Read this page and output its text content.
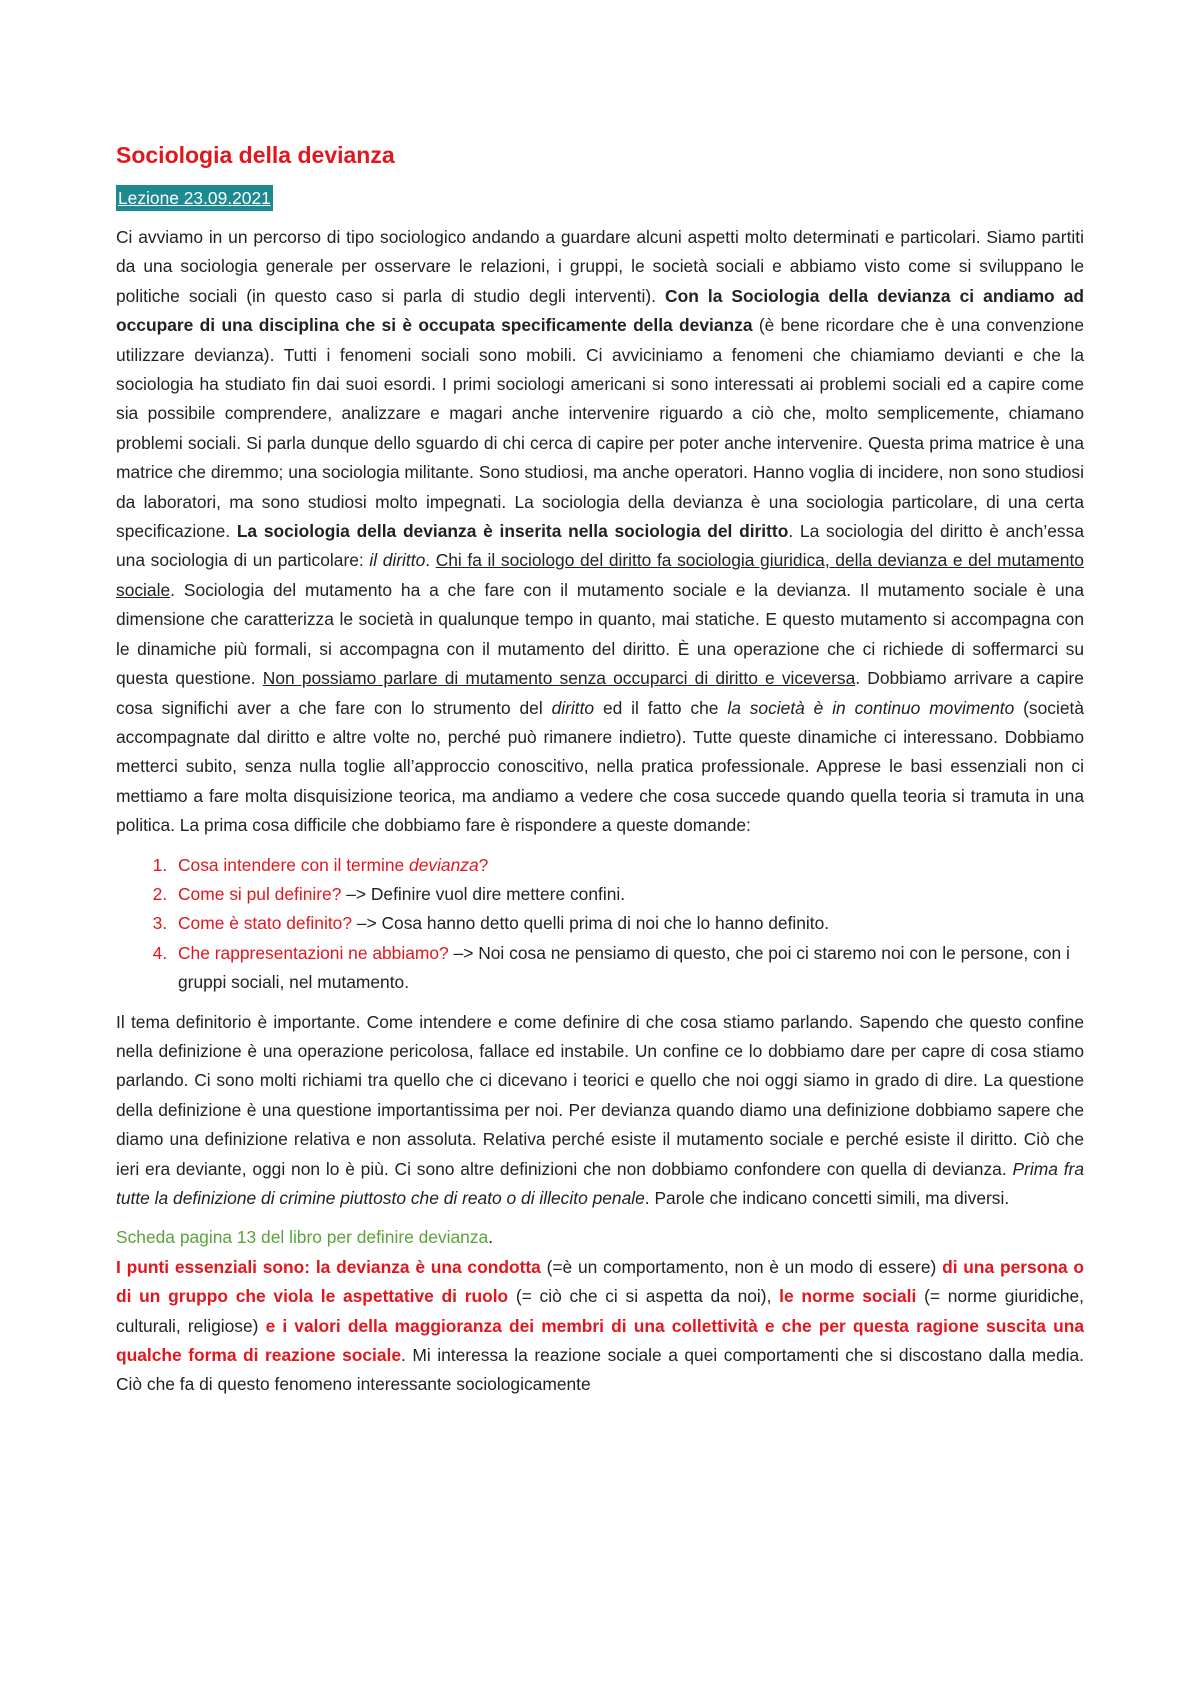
Sociologia della devianza
Lezione 23.09.2021

Ci avviamo in un percorso di tipo sociologico andando a guardare alcuni aspetti molto determinati e particolari. Siamo partiti da una sociologia generale per osservare le relazioni, i gruppi, le società sociali e abbiamo visto come si sviluppano le politiche sociali (in questo caso si parla di studio degli interventi). Con la Sociologia della devianza ci andiamo ad occupare di una disciplina che si è occupata specificamente della devianza (è bene ricordare che è una convenzione utilizzare devianza). Tutti i fenomeni sociali sono mobili. Ci avviciniamo a fenomeni che chiamiamo devianti e che la sociologia ha studiato fin dai suoi esordi. I primi sociologi americani si sono interessati ai problemi sociali ed a capire come sia possibile comprendere, analizzare e magari anche intervenire riguardo a ciò che, molto semplicemente, chiamano problemi sociali. Si parla dunque dello sguardo di chi cerca di capire per poter anche intervenire. Questa prima matrice è una matrice che diremmo; una sociologia militante. Sono studiosi, ma anche operatori. Hanno voglia di incidere, non sono studiosi da laboratori, ma sono studiosi molto impegnati. La sociologia della devianza è una sociologia particolare, di una certa specificazione. La sociologia della devianza è inserita nella sociologia del diritto. La sociologia del diritto è anch’essa una sociologia di un particolare: il diritto. Chi fa il sociologo del diritto fa sociologia giuridica, della devianza e del mutamento sociale. Sociologia del mutamento ha a che fare con il mutamento sociale e la devianza. Il mutamento sociale è una dimensione che caratterizza le società in qualunque tempo in quanto, mai statiche. E questo mutamento si accompagna con le dinamiche più formali, si accompagna con il mutamento del diritto. È una operazione che ci richiede di soffermarci su questa questione. Non possiamo parlare di mutamento senza occuparci di diritto e viceversa. Dobbiamo arrivare a capire cosa significhi aver a che fare con lo strumento del diritto ed il fatto che la società è in continuo movimento (società accompagnate dal diritto e altre volte no, perché può rimanere indietro). Tutte queste dinamiche ci interessano. Dobbiamo metterci subito, senza nulla toglie all’approccio conoscitivo, nella pratica professionale. Apprese le basi essenziali non ci mettiamo a fare molta disquisizione teorica, ma andiamo a vedere che cosa succede quando quella teoria si tramuta in una politica. La prima cosa difficile che dobbiamo fare è rispondere a queste domande:

1. Cosa intendere con il termine devianza?
2. Come si pul definire? –> Definire vuol dire mettere confini.
3. Come è stato definito? –> Cosa hanno detto quelli prima di noi che lo hanno definito.
4. Che rappresentazioni ne abbiamo? –> Noi cosa ne pensiamo di questo, che poi ci staremo noi con le persone, con i gruppi sociali, nel mutamento.

Il tema definitorio è importante. Come intendere e come definire di che cosa stiamo parlando. Sapendo che questo confine nella definizione è una operazione pericolosa, fallace ed instabile. Un confine ce lo dobbiamo dare per capre di cosa stiamo parlando. Ci sono molti richiami tra quello che ci dicevano i teorici e quello che noi oggi siamo in grado di dire. La questione della definizione è una questione importantissima per noi. Per devianza quando diamo una definizione dobbiamo sapere che diamo una definizione relativa e non assoluta. Relativa perché esiste il mutamento sociale e perché esiste il diritto. Ciò che ieri era deviante, oggi non lo è più. Ci sono altre definizioni che non dobbiamo confondere con quella di devianza. Prima fra tutte la definizione di crimine piuttosto che di reato o di illecito penale. Parole che indicano concetti simili, ma diversi.

Scheda pagina 13 del libro per definire devianza.

I punti essenziali sono: la devianza è una condotta (=è un comportamento, non è un modo di essere) di una persona o di un gruppo che viola le aspettative di ruolo (= ciò che ci si aspetta da noi), le norme sociali (= norme giuridiche, culturali, religiose) e i valori della maggioranza dei membri di una collettività e che per questa ragione suscita una qualche forma di reazione sociale. Mi interessa la reazione sociale a quei comportamenti che si discostano dalla media. Ciò che fa di questo fenomeno interessante sociologicamente
